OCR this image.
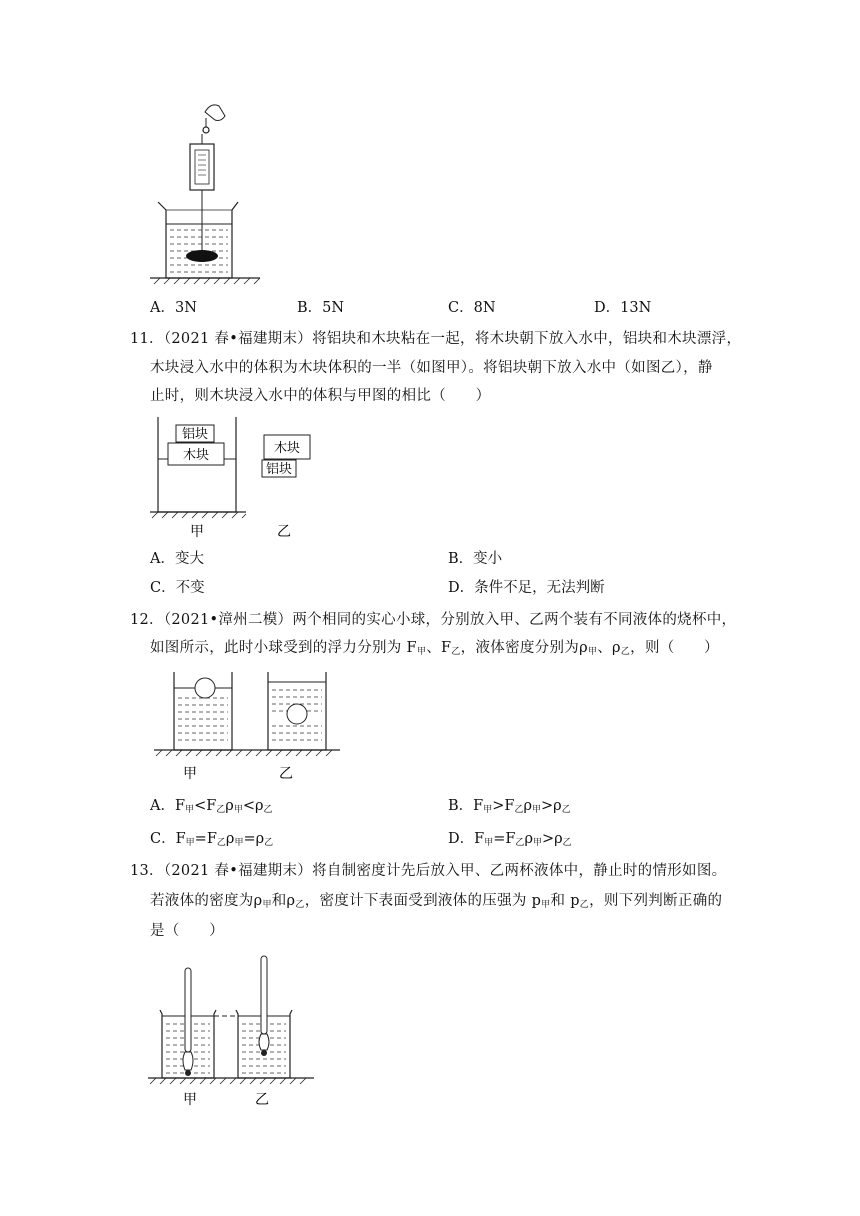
A．3N	B．5N	C．8N	D．13N
11．（2021 春•福建期末）将铝块和木块粘在一起，将木块朝下放入水中，铝块和木块漂浮，
木块浸入水中的体积为木块体积的一半（如图甲）。将铝块朝下放入水中（如图乙），静
止时，则木块浸入水中的体积与甲图的相比（　　）
铝块
木块	木块
铝块
甲	乙
A．变大	B．变小
C．不变	D．条件不足，无法判断
12．（2021•漳州二模）两个相同的实心小球，分别放入甲、乙两个装有不同液体的烧杯中，
如图所示，此时小球受到的浮力分别为 $F_甲$、$F_乙$，液体密度分别为$\rho_甲$、$\rho_乙$，则（　　）
甲	乙
A．$F_甲<F_乙\rho_甲<\rho_乙$	B．$F_甲>F_乙\rho_甲>\rho_乙$
C．$F_甲=F_乙\rho_甲=\rho_乙$	D．$F_甲=F_乙\rho_甲>\rho_乙$
13．（2021 春•福建期末）将自制密度计先后放入甲、乙两杯液体中，静止时的情形如图。
若液体的密度为$\rho_甲$和$\rho_乙$，密度计下表面受到液体的压强为 $p_甲$和 $p_乙$，则下列判断正确的
是（　　）
甲	乙
